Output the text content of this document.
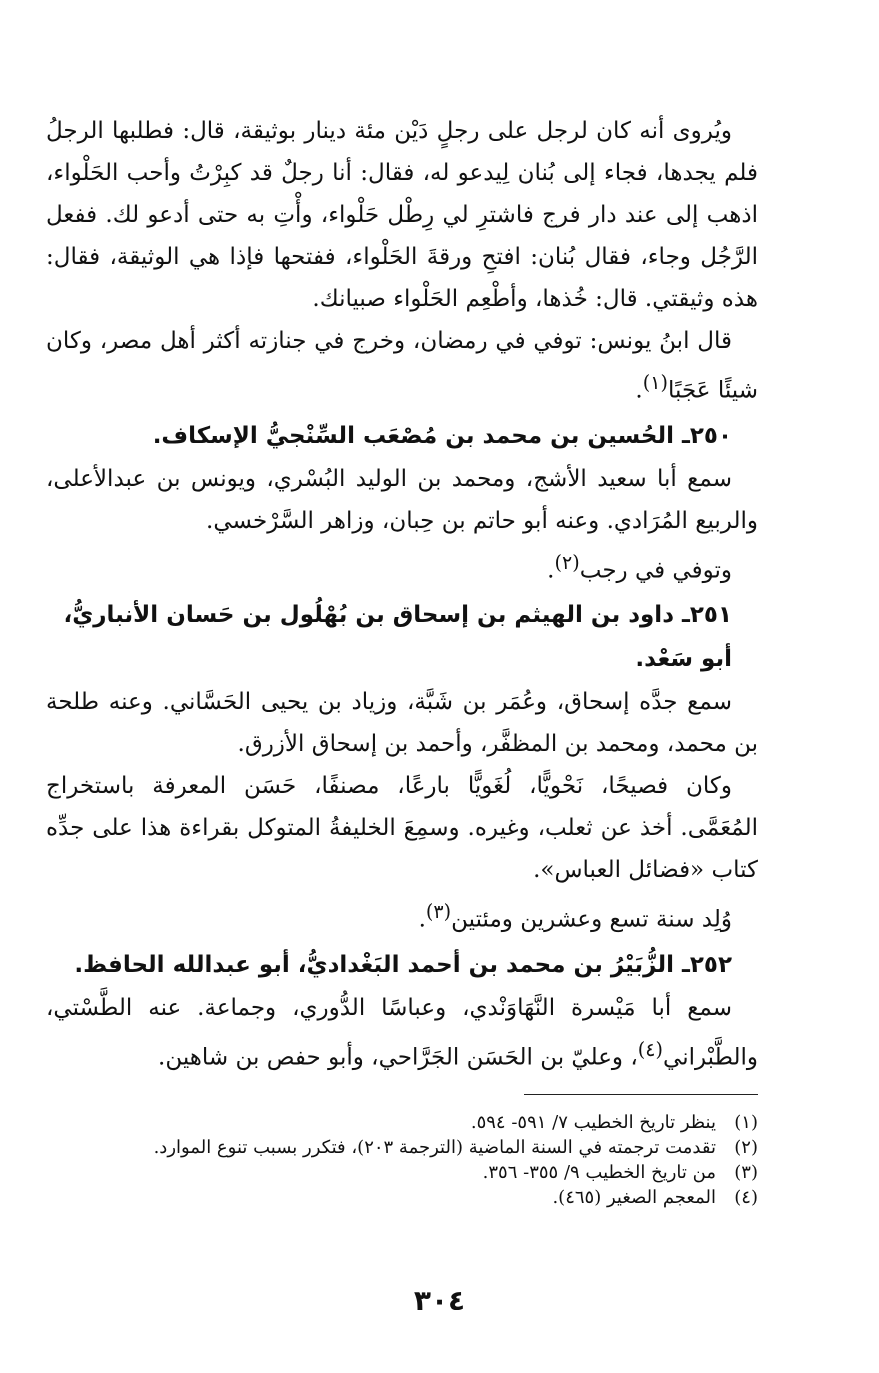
ويُروى أنه كان لرجل على رجلٍ دَيْن مئة دينار بوثيقة، قال: فطلبها الرجلُ فلم يجدها، فجاء إلى بُنان لِيدعو له، فقال: أنا رجلٌ قد كبِرْتُ وأحب الحَلْواء، اذهب إلى عند دار فرج فاشترِ لي رِطْل حَلْواء، وأْتِ به حتى أدعو لك. ففعل الرَّجُل وجاء، فقال بُنان: افتحِ ورقةَ الحَلْواء، ففتحها فإذا هي الوثيقة، فقال: هذه وثيقتي. قال: خُذها، وأطْعِم الحَلْواء صبيانك.

قال ابنُ يونس: توفي في رمضان، وخرج في جنازته أكثر أهل مصر، وكان شيئًا عَجَبًا$^{(١)}$.

٢٥٠ـ الحُسين بن محمد بن مُصْعَب السِّنْجيُّ الإسكاف.

سمع أبا سعيد الأشج، ومحمد بن الوليد البُسْري، ويونس بن عبدالأعلى، والربيع المُرَادي. وعنه أبو حاتم بن حِبان، وزاهر السَّرْخسي.

وتوفي في رجب$^{(٢)}$.

٢٥١ـ داود بن الهيثم بن إسحاق بن بُهْلُول بن حَسان الأنباريُّ، أبو سَعْد.

سمع جدَّه إسحاق، وعُمَر بن شَبَّة، وزياد بن يحيى الحَسَّاني. وعنه طلحة بن محمد، ومحمد بن المظفَّر، وأحمد بن إسحاق الأزرق.

وكان فصيحًا، نَحْويًّا، لُغَويًّا بارعًا، مصنفًا، حَسَن المعرفة باستخراج المُعَمَّى. أخذ عن ثعلب، وغيره. وسمِعَ الخليفةُ المتوكل بقراءة هذا على جدِّه كتاب «فضائل العباس».

وُلِد سنة تسع وعشرين ومئتين$^{(٣)}$.

٢٥٢ـ الزُّبَيْرُ بن محمد بن أحمد البَغْداديُّ، أبو عبدالله الحافظ.

سمع أبا مَيْسرة النَّهَاوَنْدي، وعباسًا الدُّوري، وجماعة. عنه الطَّسْتي، والطَّبْراني$^{(٤)}$، وعليّ بن الحَسَن الجَرَّاحي، وأبو حفص بن شاهين.

(١)ينظر تاريخ الخطيب ٧/ ٥٩١- ٥٩٤.

(٢)تقدمت ترجمته في السنة الماضية (الترجمة ٢٠٣)، فتكرر بسبب تنوع الموارد.

(٣)من تاريخ الخطيب ٩/ ٣٥٥- ٣٥٦.

(٤)المعجم الصغير (٤٦٥).

٣٠٤
